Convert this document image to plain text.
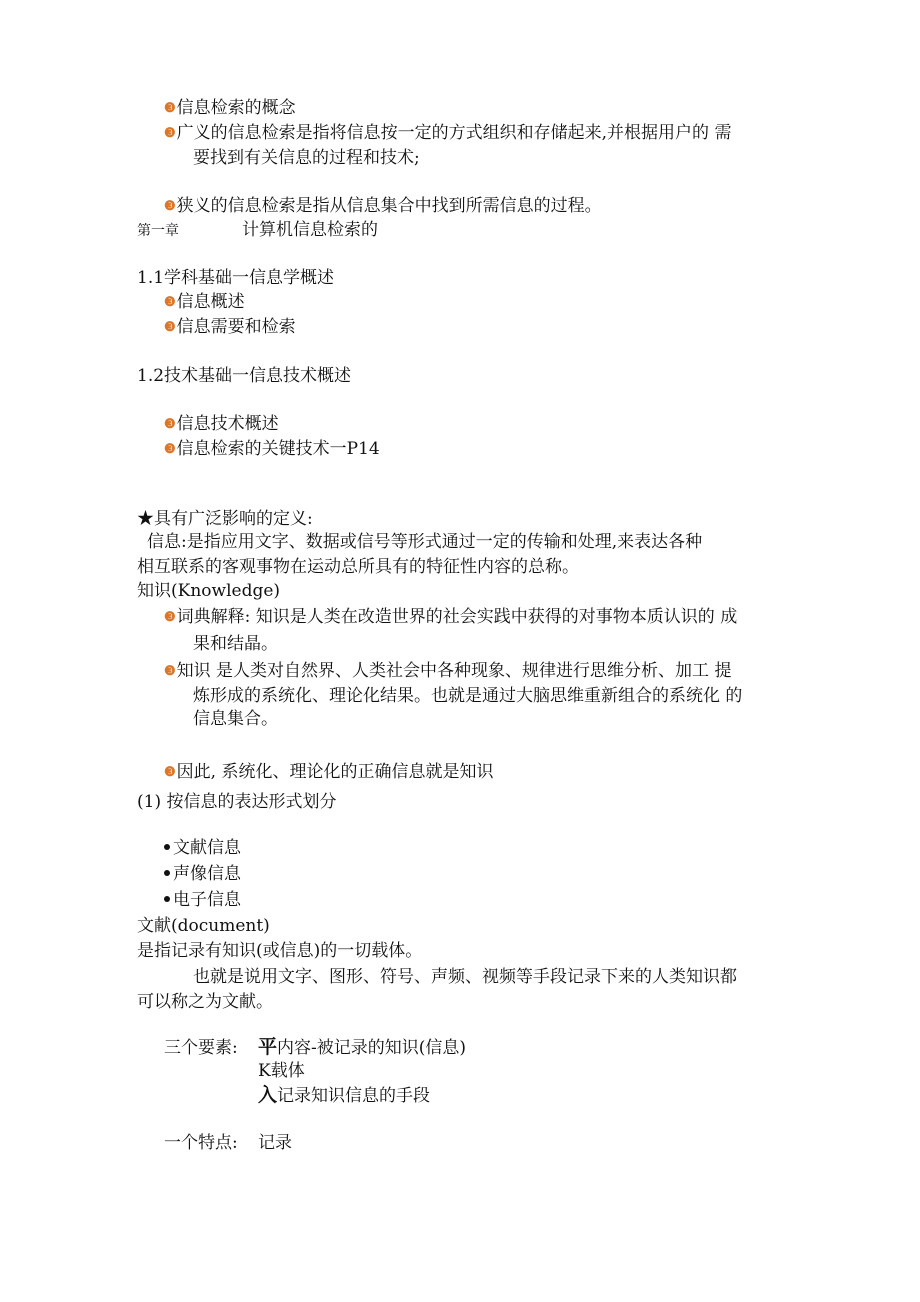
❸信息检索的概念
❸广义的信息检索是指将信息按一定的方式组织和存储起来,并根据用户的 需
要找到有关信息的过程和技术;
❸狭义的信息检索是指从信息集合中找到所需信息的过程。
第一章	计算机信息检索的
1.1学科基础一信息学概述
❸信息概述
❸信息需要和检索
1.2技术基础一信息技术概述
❸信息技术概述
❸信息检索的关键技术一P14
★具有广泛影响的定义:
信息:是指应用文字、数据或信号等形式通过一定的传输和处理,来表达各种
相互联系的客观事物在运动总所具有的特征性内容的总称。
知识(Knowledge)
❸词典解释: 知识是人类在改造世界的社会实践中获得的对事物本质认识的 成
果和结晶。
❸知识 是人类对自然界、人类社会中各种现象、规律进行思维分析、加工 提
炼形成的系统化、理论化结果。也就是通过大脑思维重新组合的系统化 的
信息集合。
❸因此, 系统化、理论化的正确信息就是知识
(1) 按信息的表达形式划分
文献信息
声像信息
电子信息
文献(document)
是指记录有知识(或信息)的一切载体。
也就是说用文字、图形、符号、声频、视频等手段记录下来的人类知识都
可以称之为文献。
三个要素: 平内容-被记录的知识(信息)
K载体
入记录知识信息的手段
一个特点: 记录
